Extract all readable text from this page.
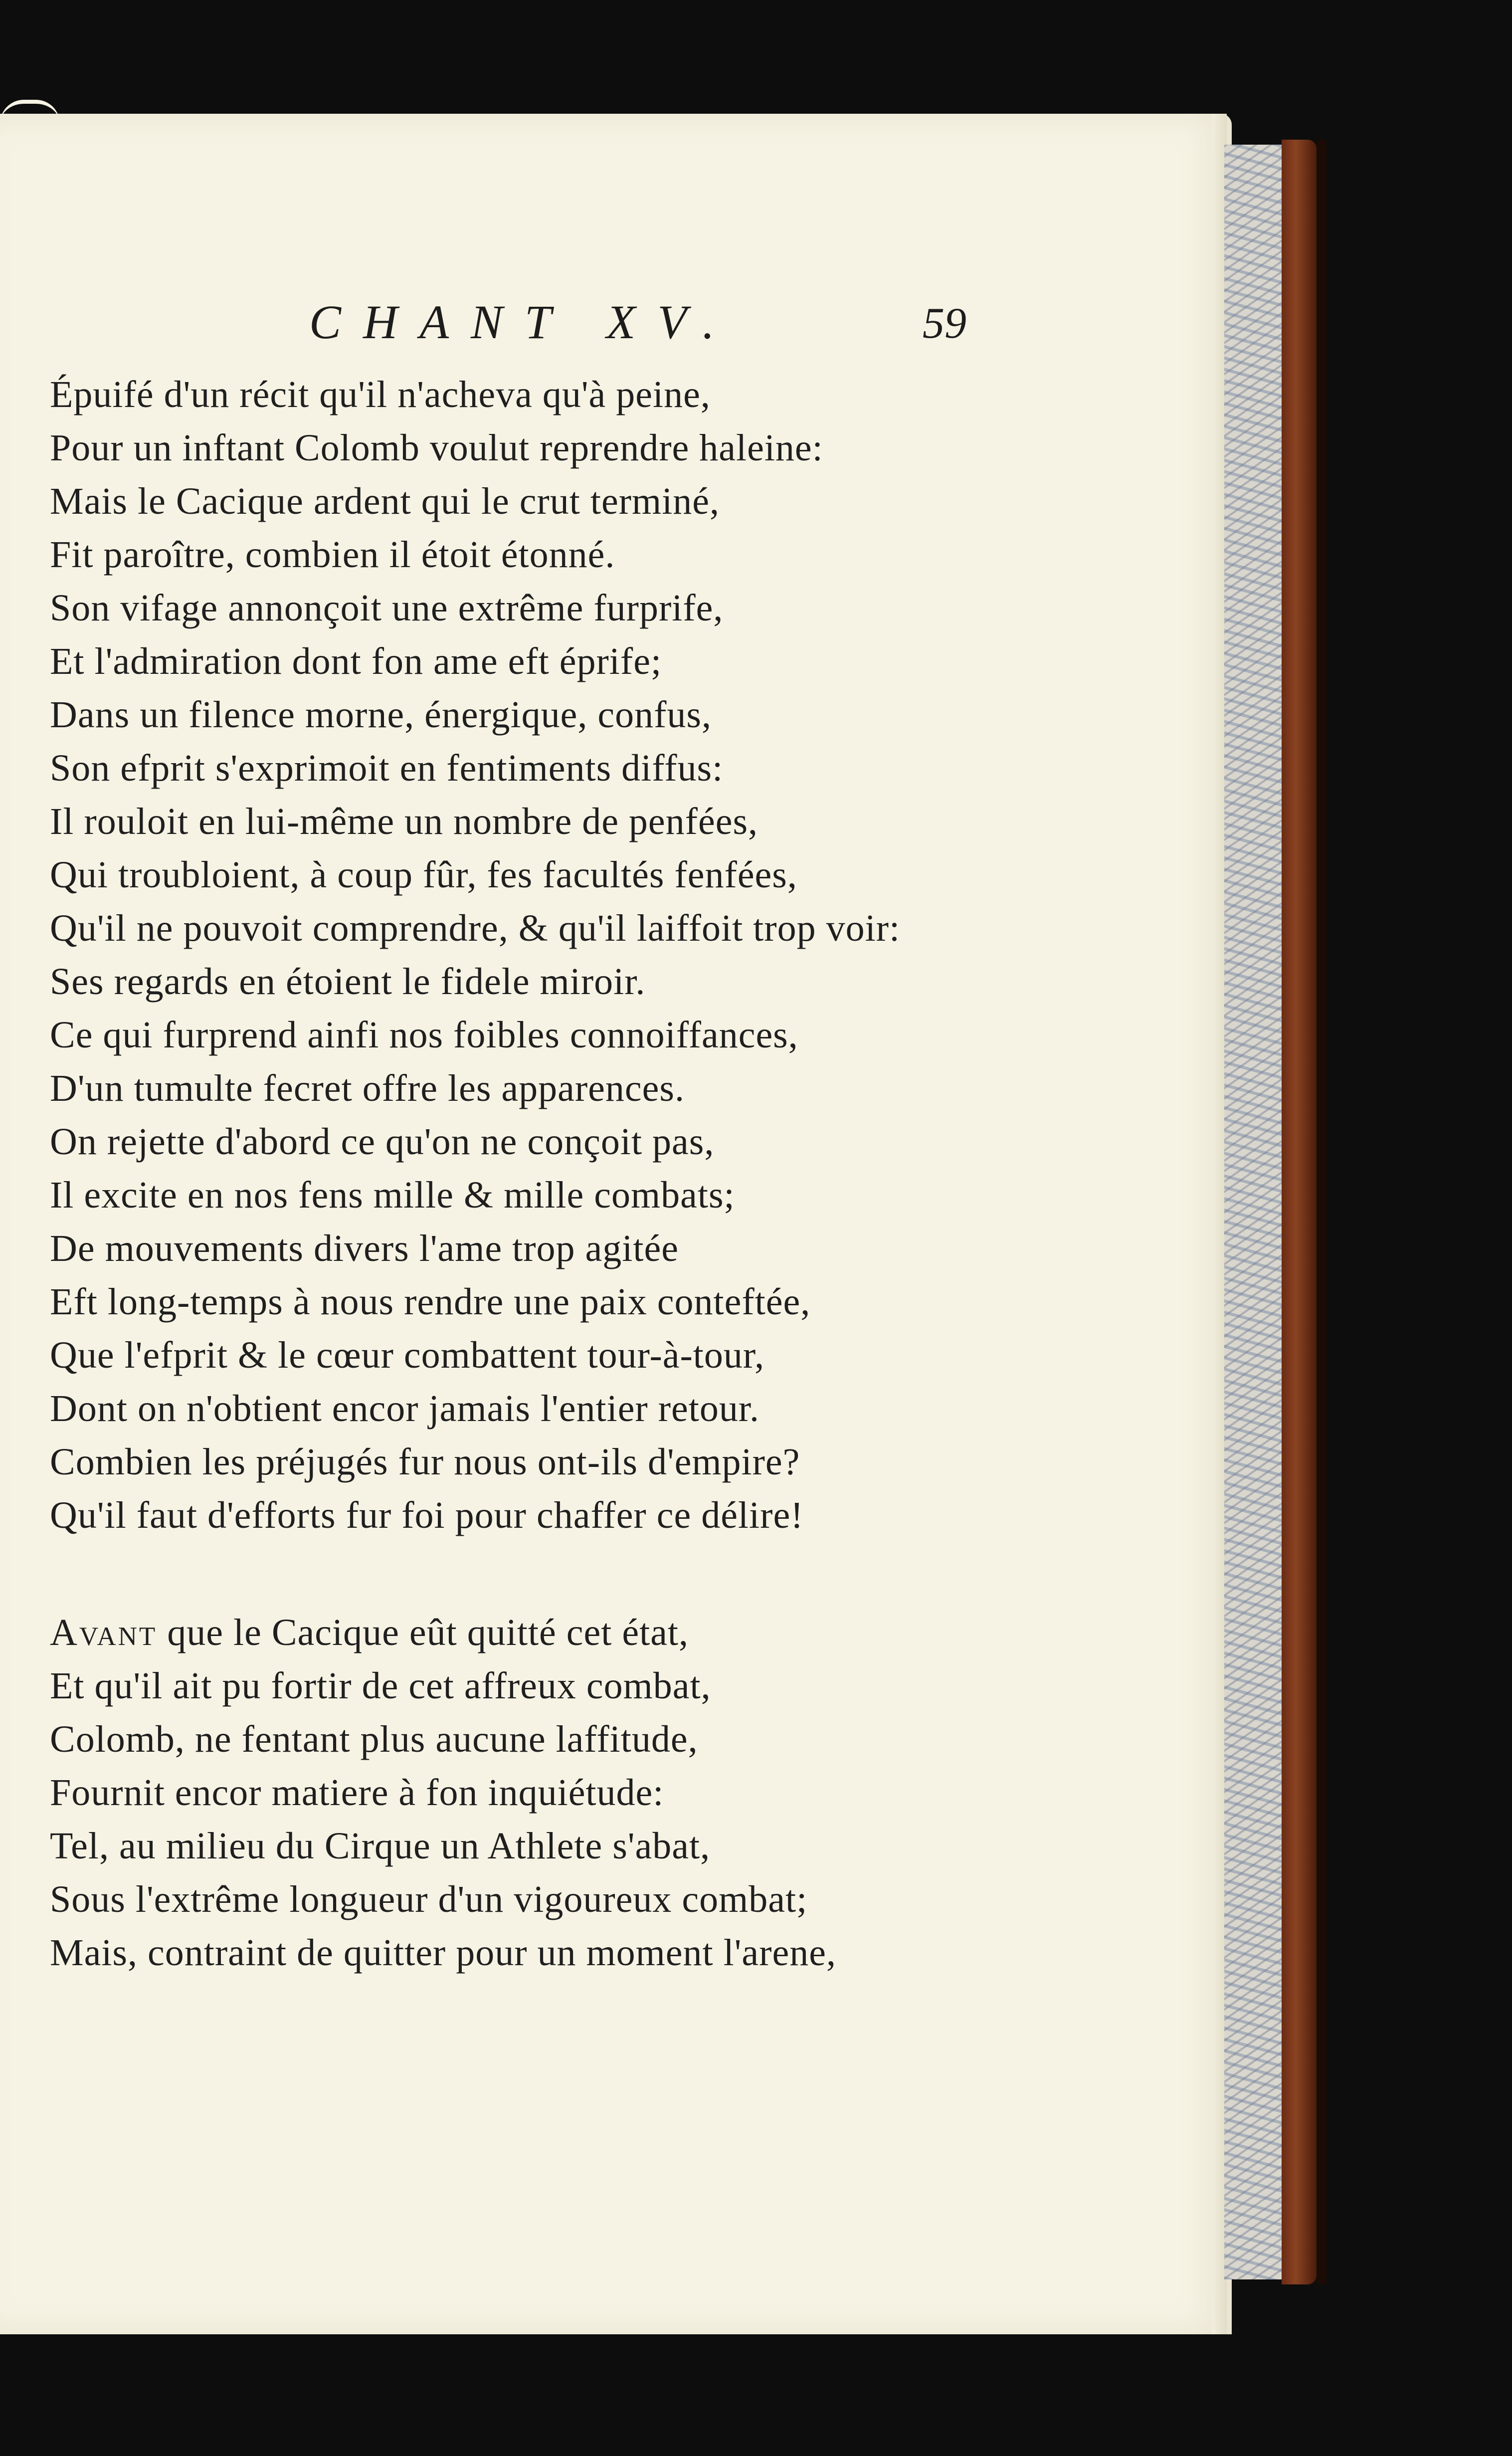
CHANT XV.	59
Épuifé d'un récit qu'il n'acheva qu'à peine,
Pour un inftant Colomb voulut reprendre haleine:
Mais le Cacique ardent qui le crut terminé,
Fit paroître, combien il étoit étonné.
Son vifage annonçoit une extrême furprife,
Et l'admiration dont fon ame eft éprife;
Dans un filence morne, énergique, confus,
Son efprit s'exprimoit en fentiments diffus:
Il rouloit en lui-même un nombre de penfées,
Qui troubloient, à coup fûr, fes facultés fenfées,
Qu'il ne pouvoit comprendre, & qu'il laiffoit trop voir:
Ses regards en étoient le fidele miroir.
Ce qui furprend ainfi nos foibles connoiffances,
D'un tumulte fecret offre les apparences.
On rejette d'abord ce qu'on ne conçoit pas,
Il excite en nos fens mille & mille combats;
De mouvements divers l'ame trop agitée
Eft long-temps à nous rendre une paix conteftée,
Que l'efprit & le cœur combattent tour-à-tour,
Dont on n'obtient encor jamais l'entier retour.
Combien les préjugés fur nous ont-ils d'empire?
Qu'il faut d'efforts fur foi pour chaffer ce délire!
Avant que le Cacique eût quitté cet état,
Et qu'il ait pu fortir de cet affreux combat,
Colomb, ne fentant plus aucune laffitude,
Fournit encor matiere à fon inquiétude:
Tel, au milieu du Cirque un Athlete s'abat,
Sous l'extrême longueur d'un vigoureux combat;
Mais, contraint de quitter pour un moment l'arene,
